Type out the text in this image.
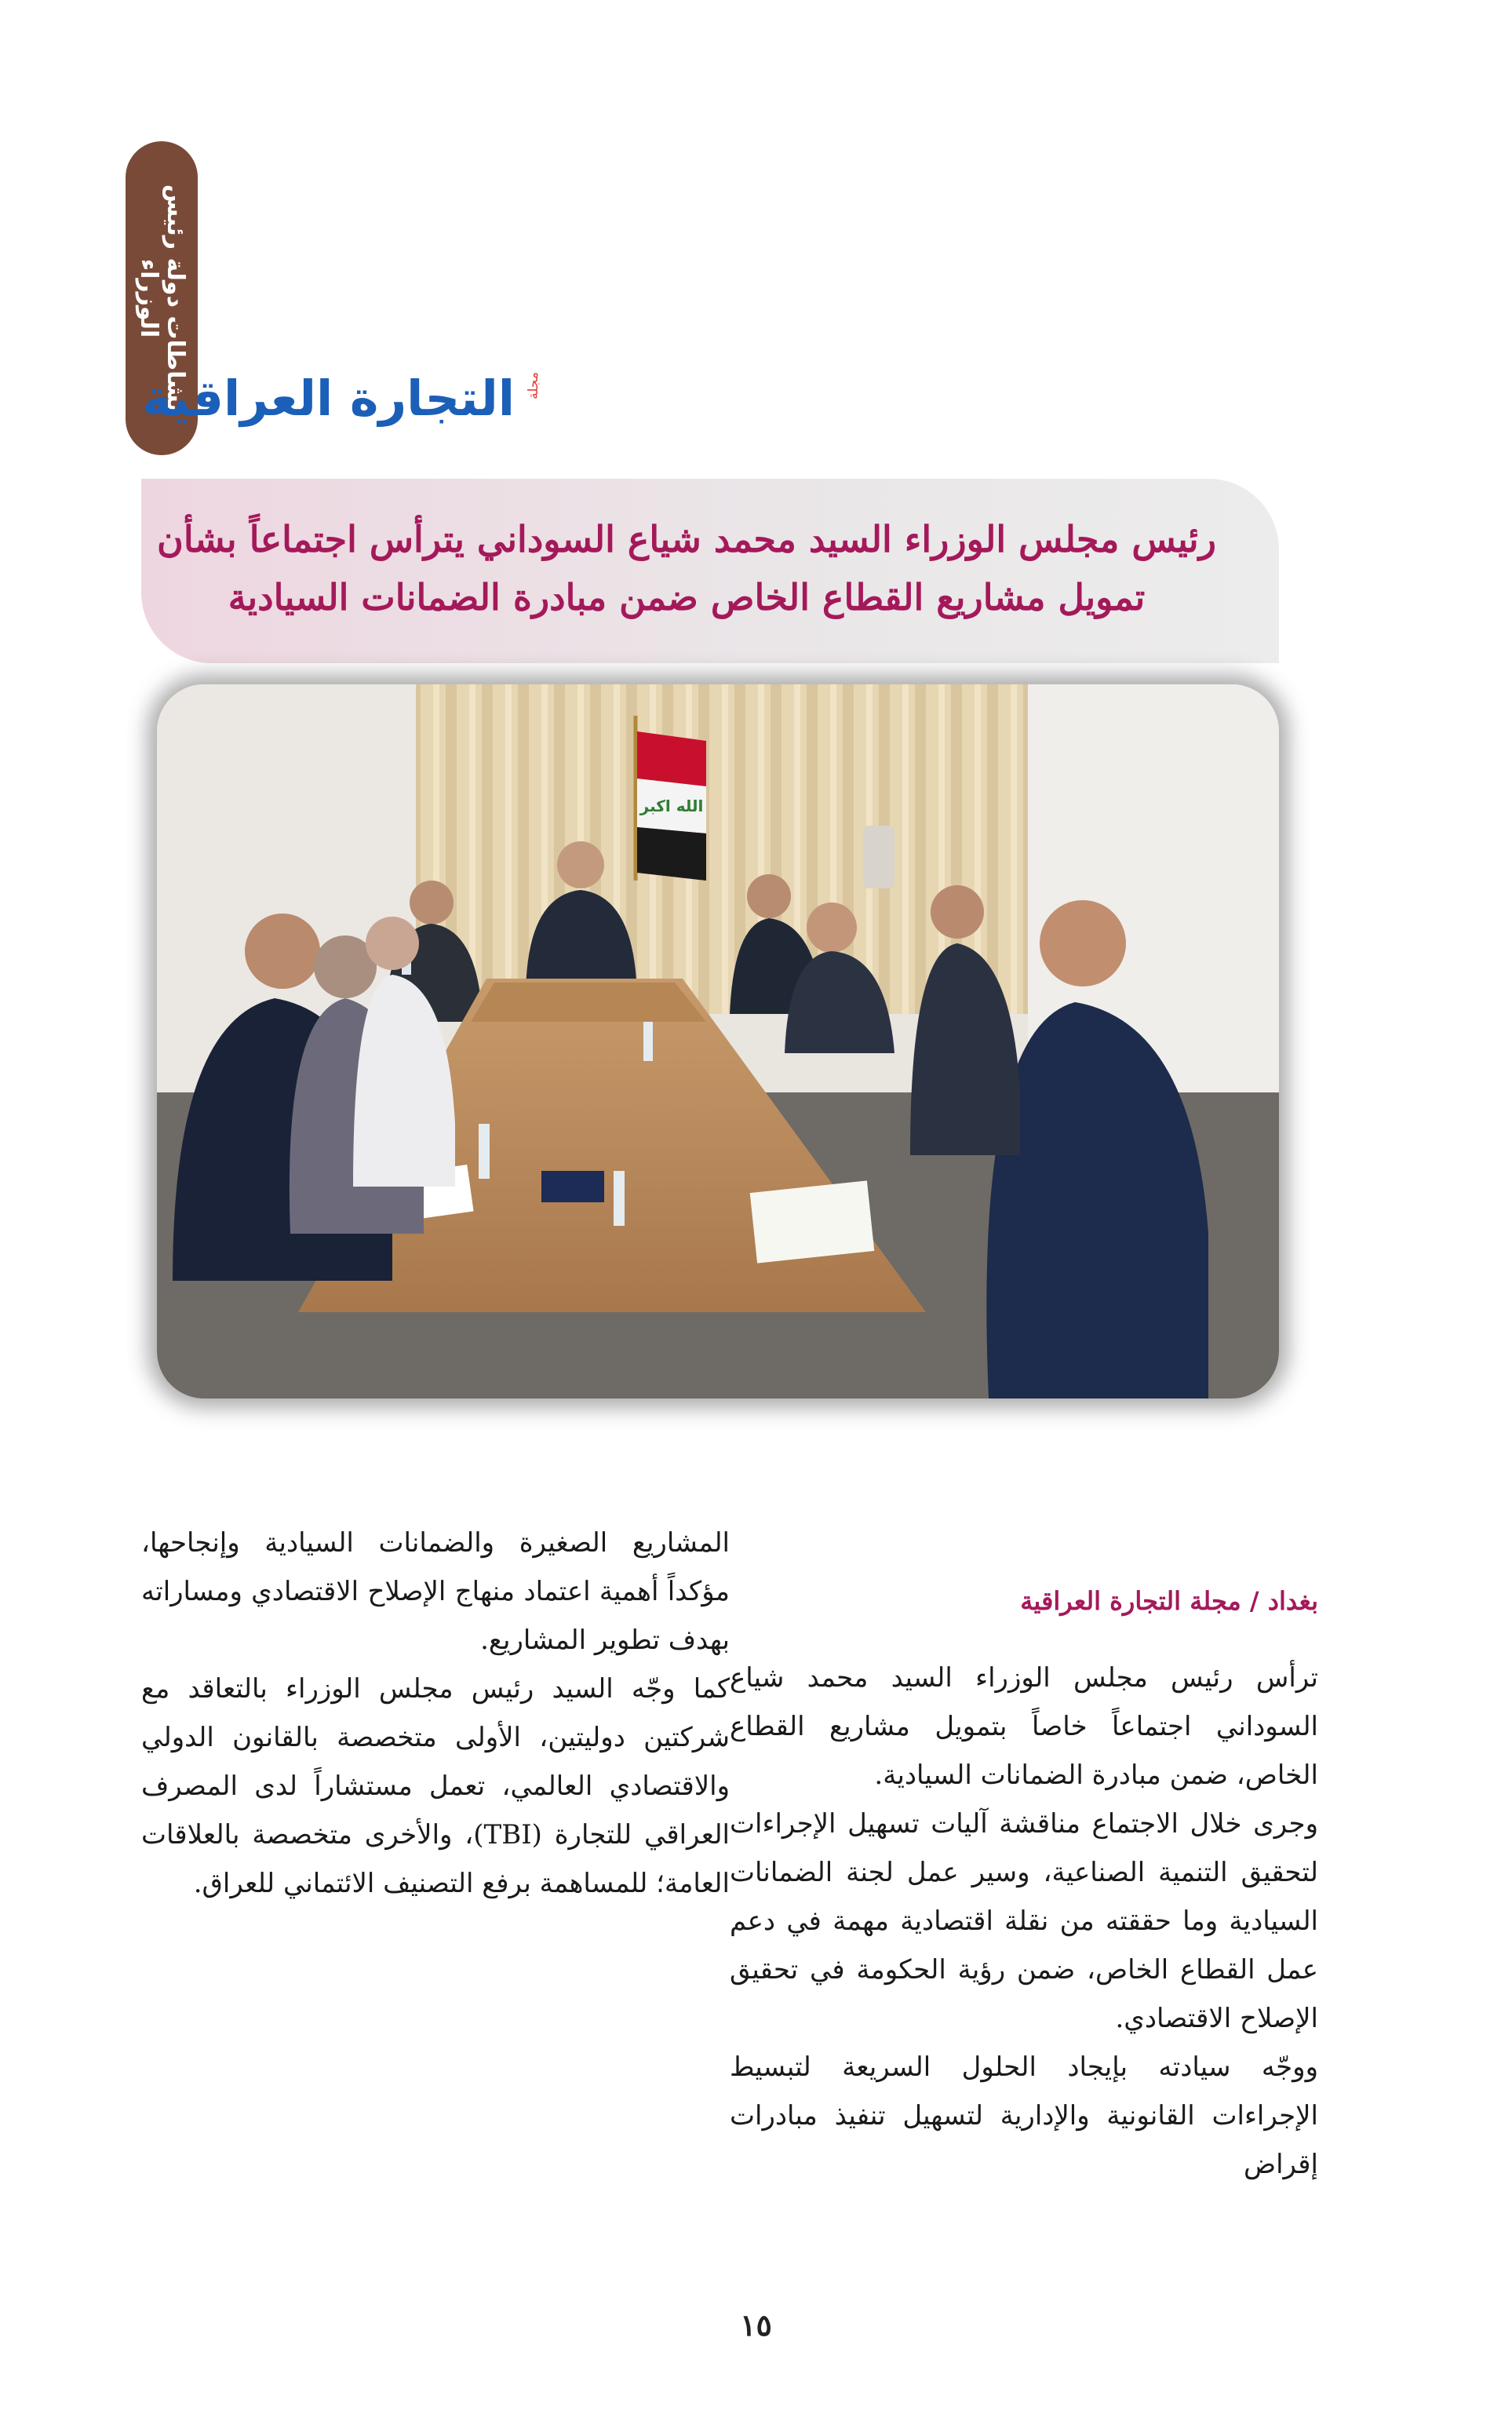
نشاطات دولة رئيس
الوزراء
التجارة العراقية مجلة
رئيس مجلس الوزراء السيد محمد شياع السوداني يترأس اجتماعاً بشأن
تمويل مشاريع القطاع الخاص ضمن مبادرة الضمانات السيادية
الله اكبر
بغداد / مجلة التجارة العراقية

ترأس رئيس مجلس الوزراء السيد محمد شياع السوداني اجتماعاً خاصاً بتمويل مشاريع القطاع الخاص، ضمن مبادرة الضمانات السيادية.

وجرى خلال الاجتماع مناقشة آليات تسهيل الإجراءات لتحقيق التنمية الصناعية، وسير عمل لجنة الضمانات السيادية وما حققته من نقلة اقتصادية مهمة في دعم عمل القطاع الخاص، ضمن رؤية الحكومة في تحقيق الإصلاح الاقتصادي.

ووجّه سيادته بإيجاد الحلول السريعة لتبسيط الإجراءات القانونية والإدارية لتسهيل تنفيذ مبادرات إقراض

المشاريع الصغيرة والضمانات السيادية وإنجاحها، مؤكداً أهمية اعتماد منهاج الإصلاح الاقتصادي ومساراته بهدف تطوير المشاريع.

كما وجّه السيد رئيس مجلس الوزراء بالتعاقد مع شركتين دوليتين، الأولى متخصصة بالقانون الدولي والاقتصادي العالمي، تعمل مستشاراً لدى المصرف العراقي للتجارة (TBI)، والأخرى متخصصة بالعلاقات العامة؛ للمساهمة برفع التصنيف الائتماني للعراق.

١٥
